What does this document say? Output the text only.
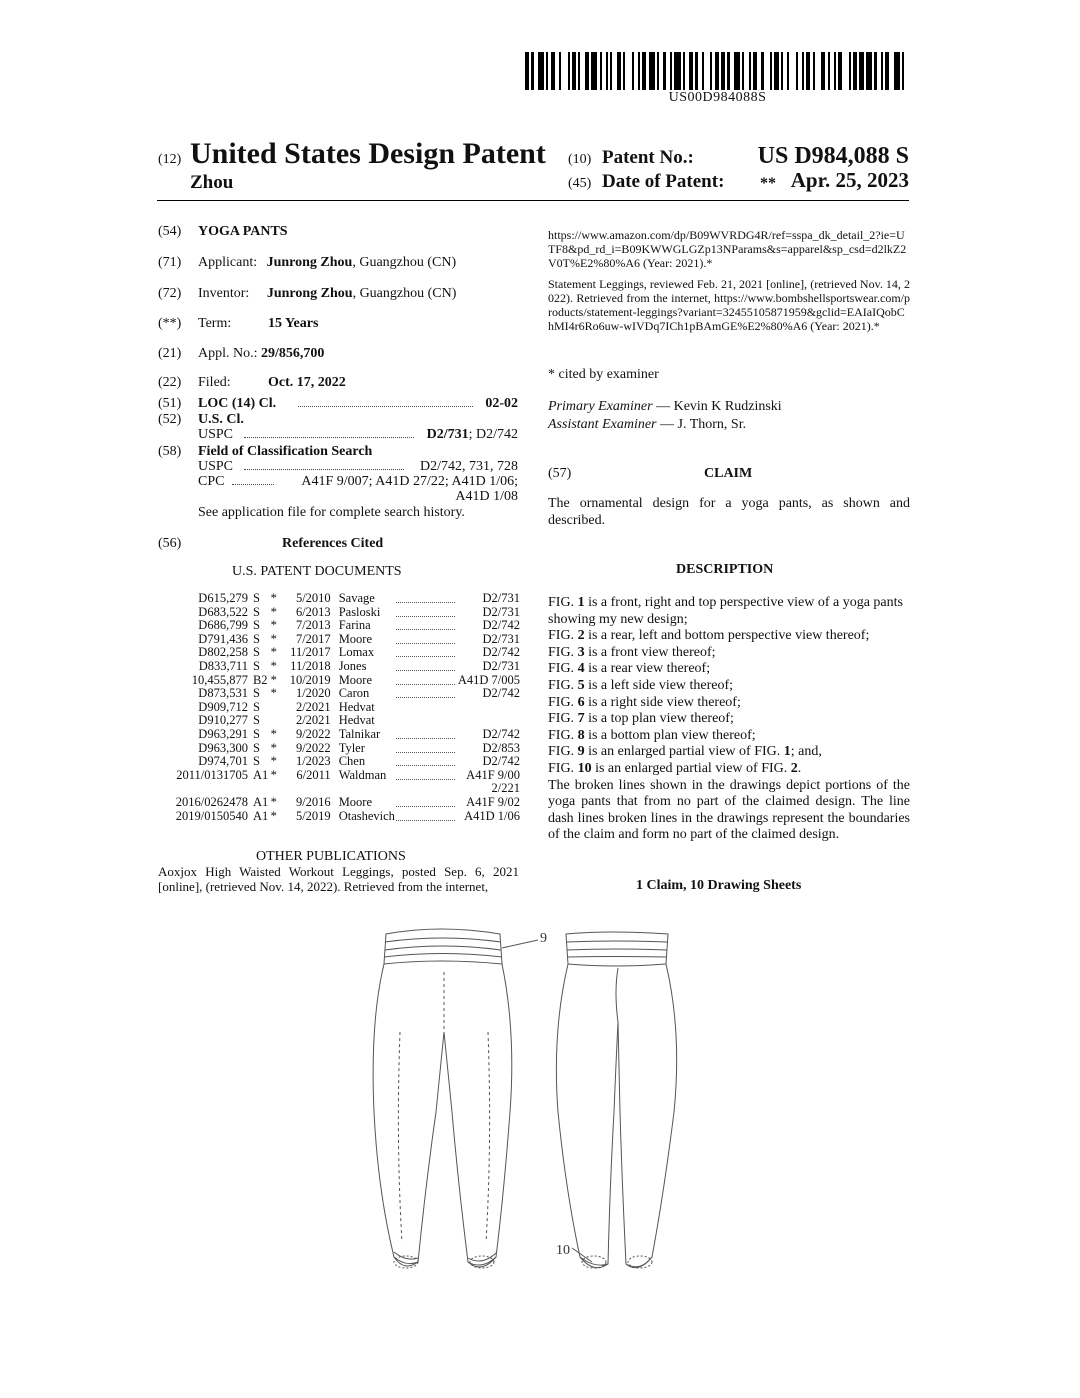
US00D984088S
(12) United States Design Patent
Zhou
(10) Patent No.:	US D984,088 S
(45) Date of Patent: ** Apr. 25, 2023
(54) YOGA PANTS
(71) Applicant: Junrong Zhou, Guangzhou (CN)
(72) Inventor: Junrong Zhou, Guangzhou (CN)
(**) Term:	15 Years
(21) Appl. No.: 29/856,700
(22) Filed:	Oct. 17, 2022
(51) LOC (14) Cl.	02-02
(52) U.S. Cl.
USPC	D2/731; D2/742
(58) Field of Classification Search
USPC	D2/742, 731, 728
CPC	A41F 9/007; A41D 27/22; A41D 1/06;
A41D 1/08
See application file for complete search history.
(56)	References Cited
U.S. PATENT DOCUMENTS
D615,279	S	*	5/2010	Savage		D2/731
D683,522	S	*	6/2013	Pasloski		D2/731
D686,799	S	*	7/2013	Farina		D2/742
D791,436	S	*	7/2017	Moore		D2/731
D802,258	S	*	11/2017	Lomax		D2/742
D833,711	S	*	11/2018	Jones		D2/731
10,455,877	B2	*	10/2019	Moore		A41D 7/005
D873,531	S	*	1/2020	Caron		D2/742
D909,712	S		2/2021	Hedvat		
D910,277	S		2/2021	Hedvat		
D963,291	S	*	9/2022	Talnikar		D2/742
D963,300	S	*	9/2022	Tyler		D2/853
D974,701	S	*	1/2023	Chen		D2/742
2011/0131705	A1	*	6/2011	Waldman		A41F 9/00
						2/221
2016/0262478	A1	*	9/2016	Moore		A41F 9/02
2019/0150540	A1	*	5/2019	Otashevich		A41D 1/06
OTHER PUBLICATIONS
Aoxjox High Waisted Workout Leggings, posted Sep. 6, 2021 [online], (retrieved Nov. 14, 2022). Retrieved from the internet,
https://www.amazon.com/dp/B09WVRDG4R/ref=sspa_dk_detail_2?ie=UTF8&pd_rd_i=B09KWWGLGZp13NParams&s=apparel&sp_csd=d2lkZ2V0T%E2%80%A6 (Year: 2021).*
Statement Leggings, reviewed Feb. 21, 2021 [online], (retrieved Nov. 14, 2022). Retrieved from the internet, https://www.bombshellsportswear.com/products/statement-leggings?variant=32455105871959&gclid=EAIaIQobChMI4r6Ro6uw-wIVDq7ICh1pBAmGE%E2%80%A6 (Year: 2021).*
* cited by examiner
Primary Examiner — Kevin K Rudzinski
Assistant Examiner — J. Thorn, Sr.
(57)	CLAIM
The ornamental design for a yoga pants, as shown and described.
DESCRIPTION

FIG. 1 is a front, right and top perspective view of a yoga pants showing my new design;

FIG. 2 is a rear, left and bottom perspective view thereof;

FIG. 3 is a front view thereof;

FIG. 4 is a rear view thereof;

FIG. 5 is a left side view thereof;

FIG. 6 is a right side view thereof;

FIG. 7 is a top plan view thereof;

FIG. 8 is a bottom plan view thereof;

FIG. 9 is an enlarged partial view of FIG. 1; and,

FIG. 10 is an enlarged partial view of FIG. 2.

The broken lines shown in the drawings depict portions of the yoga pants that from no part of the claimed design. The line dash lines broken lines in the drawings represent the boundaries of the claim and form no part of the claimed design.

1 Claim, 10 Drawing Sheets
9
10
